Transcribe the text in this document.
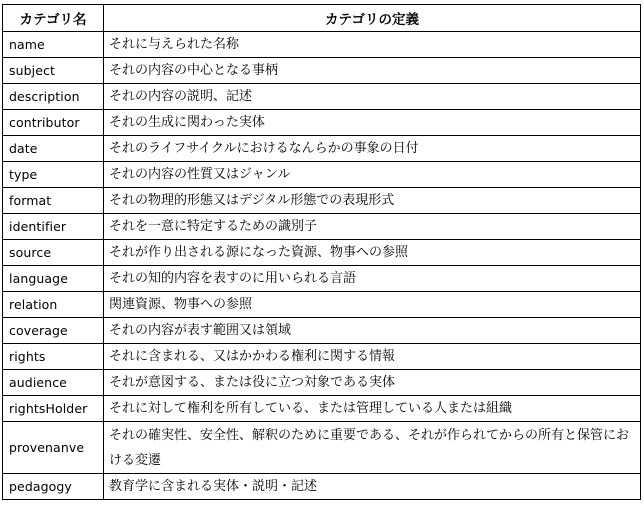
カテゴリ名	カテゴリの定義
name	それに与えられた名称
subject	それの内容の中心となる事柄
description	それの内容の説明、記述
contributor	それの生成に関わった実体
date	それのライフサイクルにおけるなんらかの事象の日付
type	それの内容の性質又はジャンル
format	それの物理的形態又はデジタル形態での表現形式
identifier	それを一意に特定するための識別子
source	それが作り出される源になった資源、物事への参照
language	それの知的内容を表すのに用いられる言語
relation	関連資源、物事への参照
coverage	それの内容が表す範囲又は領域
rights	それに含まれる、又はかかわる権利に関する情報
audience	それが意図する、または役に立つ対象である実体
rightsHolder	それに対して権利を所有している、または管理している人または組織
provenanve	それの確実性、安全性、解釈のために重要である、それが作られてからの所有と保管における変遷
pedagogy	教育学に含まれる実体・説明・記述
